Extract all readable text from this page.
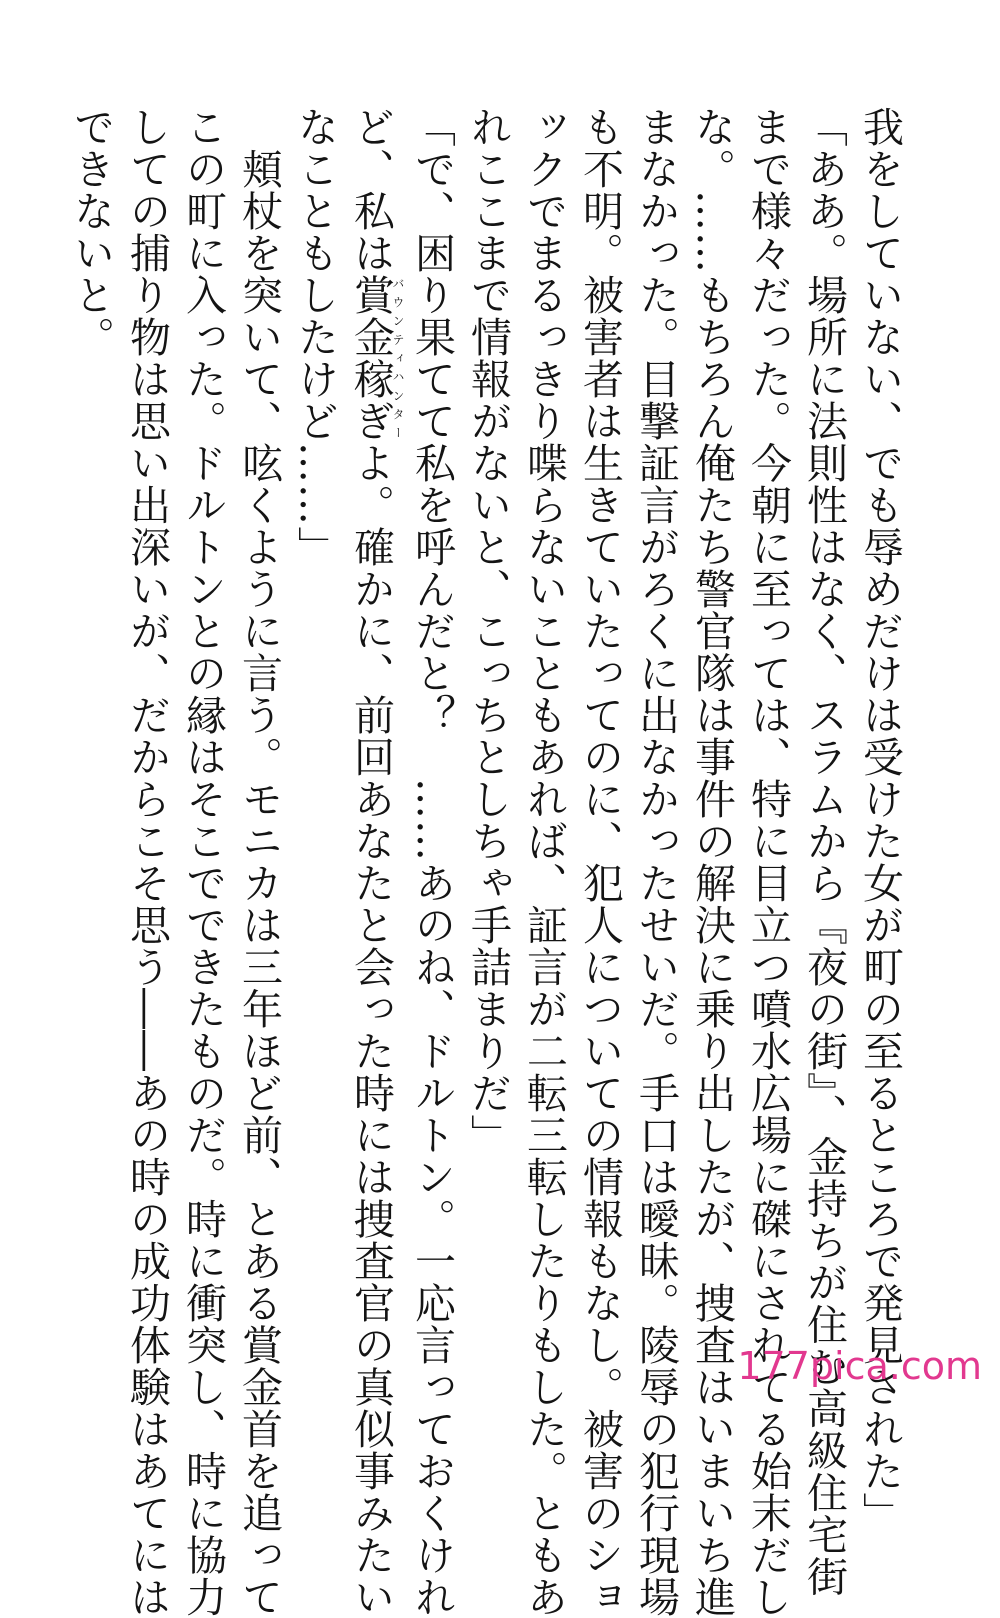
我をしていない、でも辱めだけは受けた女が町の至るところで発見された」
「ああ。場所に法則性はなく、スラムから『夜の街』、金持ちが住む高級住宅街
まで様々だった。今朝に至っては、特に目立つ噴水広場に磔にされてる始末だし
な。……もちろん俺たち警官隊は事件の解決に乗り出したが、捜査はいまいち進
まなかった。目撃証言がろくに出なかったせいだ。手口は曖昧。陵辱の犯行現場
も不明。被害者は生きていたってのに、犯人についての情報もなし。被害のショ
ックでまるっきり喋らないこともあれば、証言が二転三転したりもした。ともあ
れここまで情報がないと、こっちとしちゃ手詰まりだ」
「で、困り果てて私を呼んだと？　……あのね、ドルトン。一応言っておくけれ
ど、私は賞金稼ぎバウンティハンターよ。確かに、前回あなたと会った時には捜査官の真似事みたい
なこともしたけど……」
　頬杖を突いて、呟くように言う。モニカは三年ほど前、とある賞金首を追って
この町に入った。ドルトンとの縁はそこでできたものだ。時に衝突し、時に協力
しての捕り物は思い出深いが、だからこそ思う――あの時の成功体験はあてには
できないと。
177pica.com
